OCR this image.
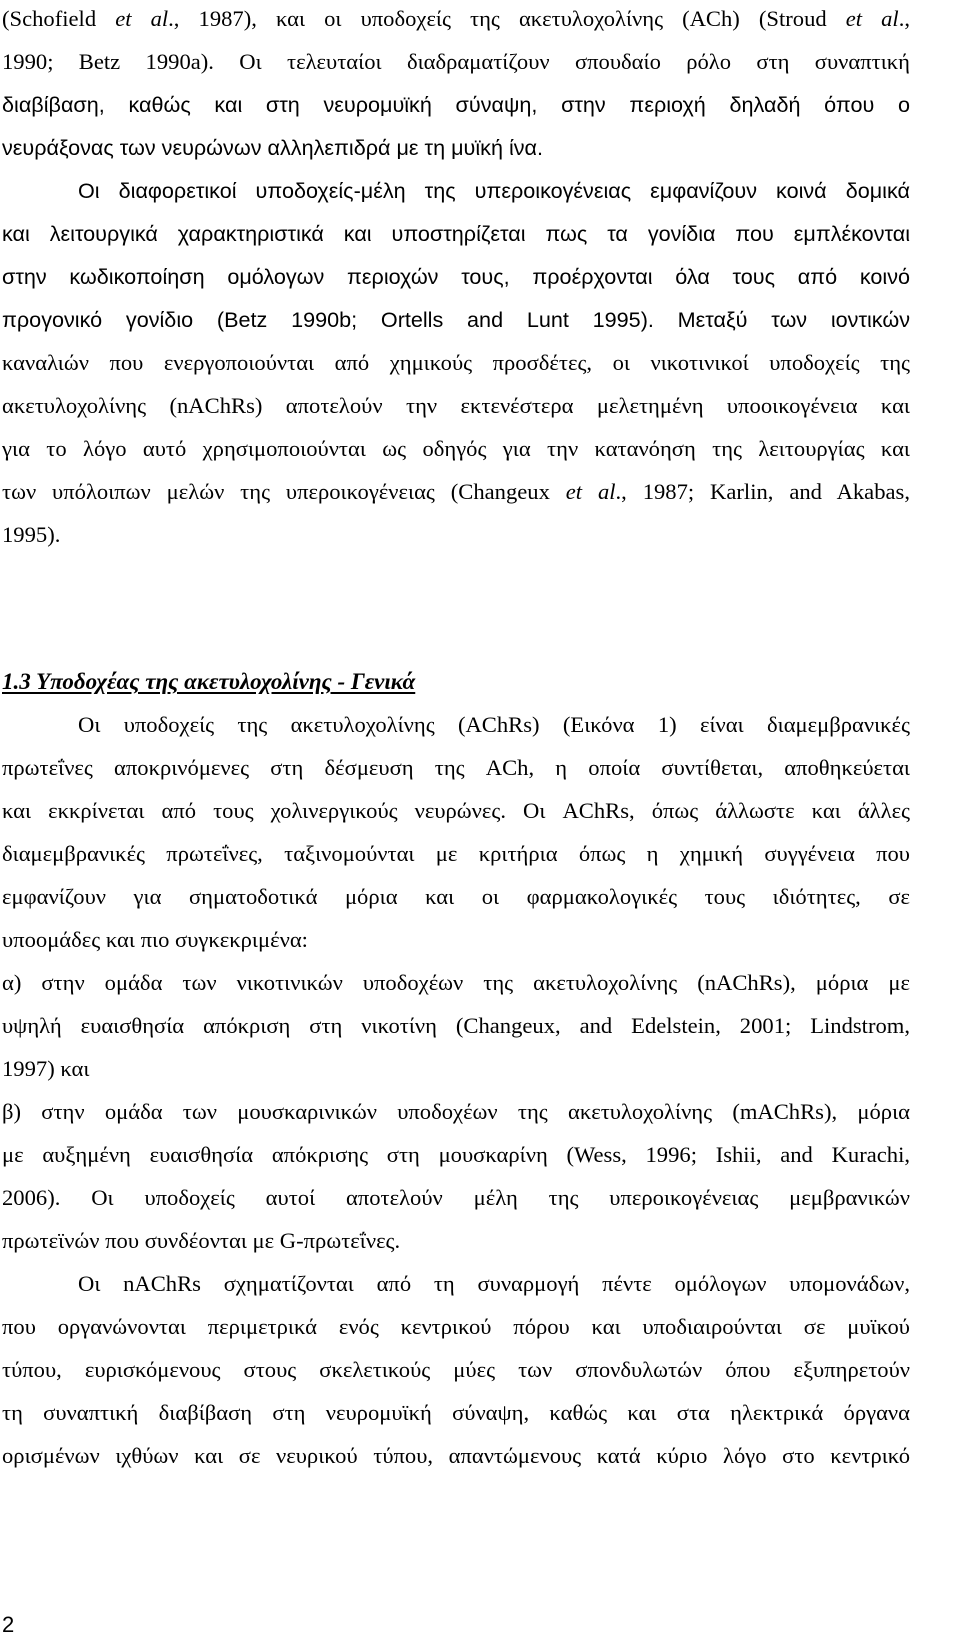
(Schofield et al., 1987), και οι υποδοχείς της ακετυλοχολίνης (ACh) (Stroud et al.,
1990; Betz 1990a). Οι τελευταίοι διαδραματίζουν σπουδαίο ρόλο στη συναπτική
διαβίβαση, καθώς και στη νευρομυϊκή σύναψη, στην περιοχή δηλαδή όπου ο
νευράξονας των νευρώνων αλληλεπιδρά με τη μυϊκή ίνα.
Οι διαφορετικοί υποδοχείς-μέλη της υπεροικογένειας εμφανίζουν κοινά δομικά
και λειτουργικά χαρακτηριστικά και υποστηρίζεται πως τα γονίδια που εμπλέκονται
στην κωδικοποίηση ομόλογων περιοχών τους, προέρχονται όλα τους από κοινό
προγονικό γονίδιο (Betz 1990b; Ortells and Lunt 1995). Μεταξύ των ιοντικών
καναλιών που ενεργοποιούνται από χημικούς προσδέτες, οι νικοτινικοί υποδοχείς της
ακετυλοχολίνης (nAChRs) αποτελούν την εκτενέστερα μελετημένη υποοικογένεια και
για το λόγο αυτό χρησιμοποιούνται ως οδηγός για την κατανόηση της λειτουργίας και
των υπόλοιπων μελών της υπεροικογένειας (Changeux et al., 1987; Karlin, and Akabas,
1995).
1.3 Υποδοχέας της ακετυλοχολίνης - Γενικά
Οι υποδοχείς της ακετυλοχολίνης (AChRs) (Εικόνα 1) είναι διαμεμβρανικές
πρωτεΐνες αποκρινόμενες στη δέσμευση της ACh, η οποία συντίθεται, αποθηκεύεται
και εκκρίνεται από τους χολινεργικούς νευρώνες. Οι AChRs, όπως άλλωστε και άλλες
διαμεμβρανικές πρωτεΐνες, ταξινομούνται με κριτήρια όπως η χημική συγγένεια που
εμφανίζουν για σηματοδοτικά μόρια και οι φαρμακολογικές τους ιδιότητες, σε
υποομάδες και πιο συγκεκριμένα:
α) στην ομάδα των νικοτινικών υποδοχέων της ακετυλοχολίνης (nAChRs), μόρια με
υψηλή ευαισθησία απόκριση στη νικοτίνη (Changeux, and Edelstein, 2001; Lindstrom,
1997) και
β) στην ομάδα των μουσκαρινικών υποδοχέων της ακετυλοχολίνης (mAChRs), μόρια
με αυξημένη ευαισθησία απόκρισης στη μουσκαρίνη (Wess, 1996; Ishii, and Kurachi,
2006). Οι υποδοχείς αυτοί αποτελούν μέλη της υπεροικογένειας μεμβρανικών
πρωτεϊνών που συνδέονται με G-πρωτεΐνες.
Οι nAChRs σχηματίζονται από τη συναρμογή πέντε ομόλογων υπομονάδων,
που οργανώνονται περιμετρικά ενός κεντρικού πόρου και υποδιαιρούνται σε μυϊκού
τύπου, ευρισκόμενους στους σκελετικούς μύες των σπονδυλωτών όπου εξυπηρετούν
τη συναπτική διαβίβαση στη νευρομυϊκή σύναψη, καθώς και στα ηλεκτρικά όργανα
ορισμένων ιχθύων και σε νευρικού τύπου, απαντώμενους κατά κύριο λόγο στο κεντρικό
2
